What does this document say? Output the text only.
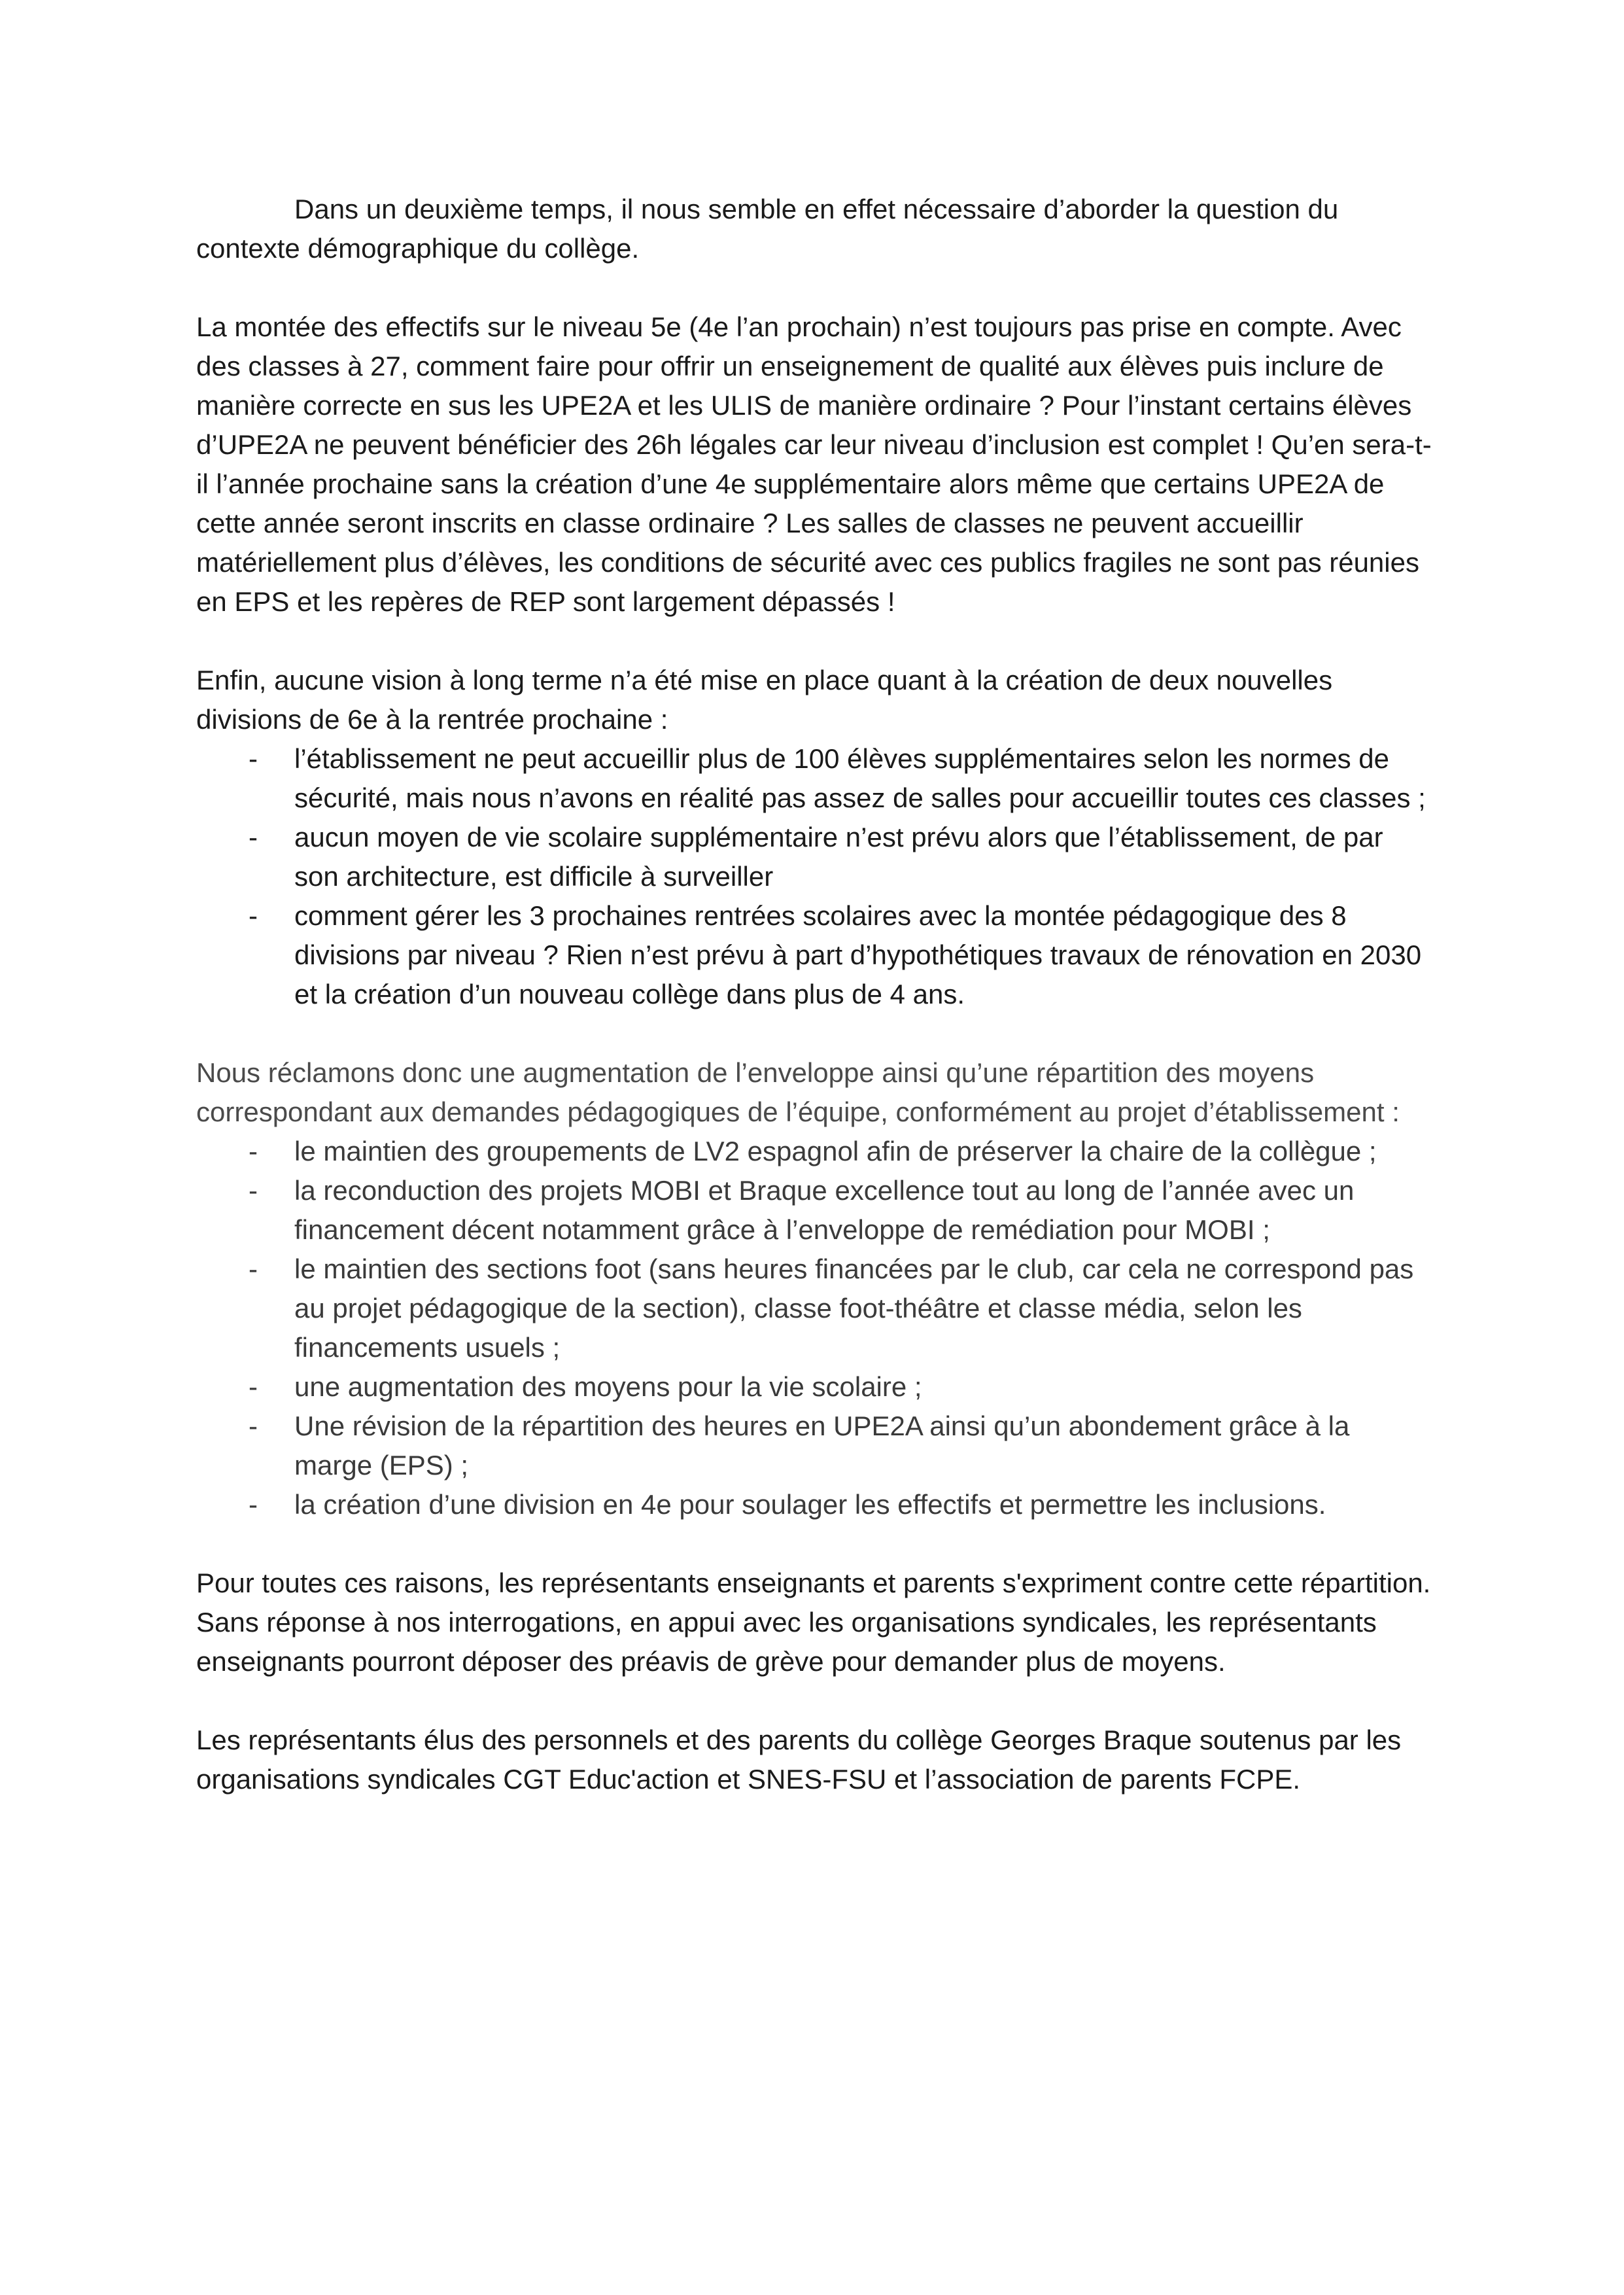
Dans un deuxième temps, il nous semble en effet nécessaire d’aborder la question du contexte démographique du collège.

La montée des effectifs sur le niveau 5e (4e l’an prochain) n’est toujours pas prise en compte. Avec des classes à 27, comment faire pour offrir un enseignement de qualité aux élèves puis inclure de manière correcte en sus les UPE2A et les ULIS de manière ordinaire ? Pour l’instant certains élèves d’UPE2A ne peuvent bénéficier des 26h légales car leur niveau d’inclusion est complet ! Qu’en sera-t-il l’année prochaine sans la création d’une 4e supplémentaire alors même que certains UPE2A de cette année seront inscrits en classe ordinaire ? Les salles de classes ne peuvent accueillir matériellement plus d’élèves, les conditions de sécurité avec ces publics fragiles ne sont pas réunies en EPS et les repères de REP sont largement dépassés !

Enfin, aucune vision à long terme n’a été mise en place quant à la création de deux nouvelles divisions de 6e à la rentrée prochaine :

- l’établissement ne peut accueillir plus de 100 élèves supplémentaires selon les normes de sécurité, mais nous n’avons en réalité pas assez de salles pour accueillir toutes ces classes ;
- aucun moyen de vie scolaire supplémentaire n’est prévu alors que l’établissement, de par son architecture, est difficile à surveiller
- comment gérer les 3 prochaines rentrées scolaires avec la montée pédagogique des 8 divisions par niveau ? Rien n’est prévu à part d’hypothétiques travaux de rénovation en 2030 et la création d’un nouveau collège dans plus de 4 ans.

Nous réclamons donc une augmentation de l’enveloppe ainsi qu’une répartition des moyens correspondant aux demandes pédagogiques de l’équipe, conformément au projet d’établissement :

- le maintien des groupements de LV2 espagnol afin de préserver la chaire de la collègue ;
- la reconduction des projets MOBI et Braque excellence tout au long de l’année avec un financement décent notamment grâce à l’enveloppe de remédiation pour MOBI ;
- le maintien des sections foot (sans heures financées par le club, car cela ne correspond pas au projet pédagogique de la section), classe foot-théâtre et classe média, selon les financements usuels ;
- une augmentation des moyens pour la vie scolaire ;
- Une révision de la répartition des heures en UPE2A ainsi qu’un abondement grâce à la marge (EPS) ;
- la création d’une division en 4e pour soulager les effectifs et permettre les inclusions.

Pour toutes ces raisons, les représentants enseignants et parents s'expriment contre cette répartition. Sans réponse à nos interrogations, en appui avec les organisations syndicales, les représentants enseignants pourront déposer des préavis de grève pour demander plus de moyens.

Les représentants élus des personnels et des parents du collège Georges Braque soutenus par les organisations syndicales CGT Educ'action et SNES-FSU et l’association de parents FCPE.
